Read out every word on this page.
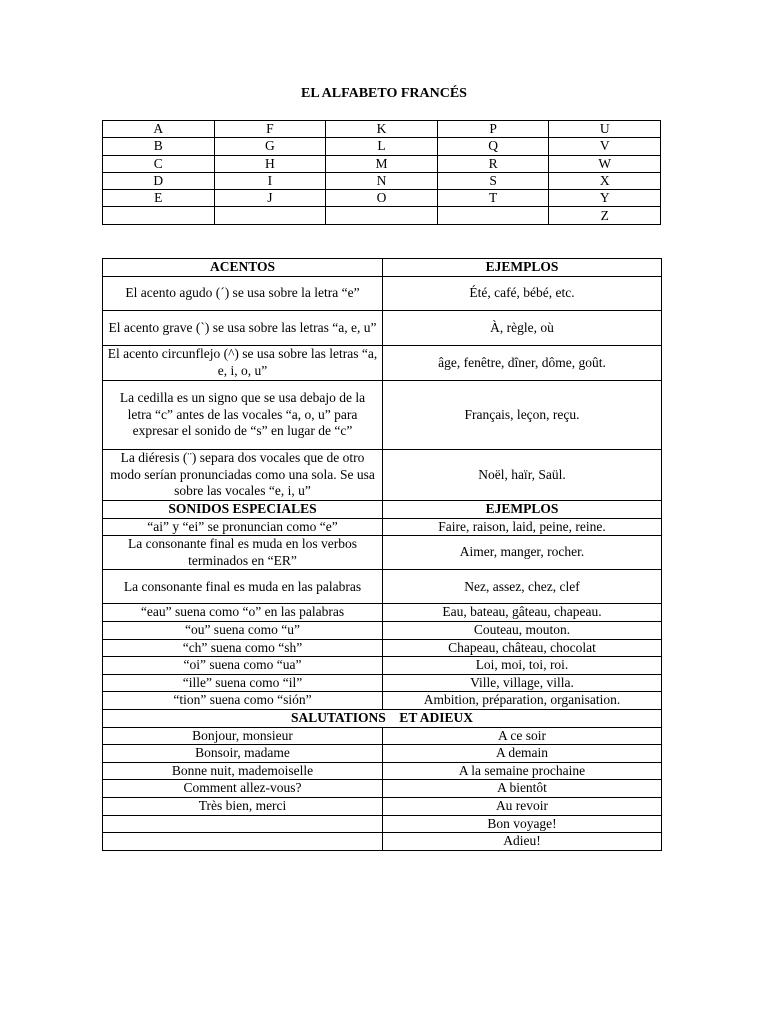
EL ALFABETO FRANCÉS
A	F	K	P	U
B	G	L	Q	V
C	H	M	R	W
D	I	N	S	X
E	J	O	T	Y
				Z
ACENTOS	EJEMPLOS
El acento agudo (´) se usa sobre la letra “e”	Été, café, bébé, etc.
El acento grave (`) se usa sobre las letras “a, e, u”	À, règle, où
El acento circunflejo (^) se usa sobre las letras “a, e, i, o, u”	âge, fenêtre, dîner, dôme, goût.
La cedilla es un signo que se usa debajo de la letra “c” antes de las vocales “a, o, u” para expresar el sonido de “s” en lugar de “c”	Français, leçon, reçu.
La diéresis (¨) separa dos vocales que de otro modo serían pronunciadas como una sola. Se usa sobre las vocales “e, i, u”	Noël, haïr, Saül.
SONIDOS ESPECIALES	EJEMPLOS
“ai” y “ei” se pronuncian como “e”	Faire, raison, laid, peine, reine.
La consonante final es muda en los verbos terminados en “ER”	Aimer, manger, rocher.
La consonante final es muda en las palabras	Nez, assez, chez, clef
“eau” suena como “o” en las palabras	Eau, bateau, gâteau, chapeau.
“ou” suena como “u”	Couteau, mouton.
“ch” suena como “sh”	Chapeau, château, chocolat
“oi” suena como “ua”	Loi, moi, toi, roi.
“ille” suena como “il”	Ville, village, villa.
“tion” suena como “sión”	Ambition, préparation, organisation.
SALUTATIONS    ET ADIEUX	
Bonjour, monsieur	A ce soir
Bonsoir, madame	A demain
Bonne nuit, mademoiselle	A la semaine prochaine
Comment allez-vous?	A bientôt
Très bien, merci	Au revoir
	Bon voyage!
	Adieu!
